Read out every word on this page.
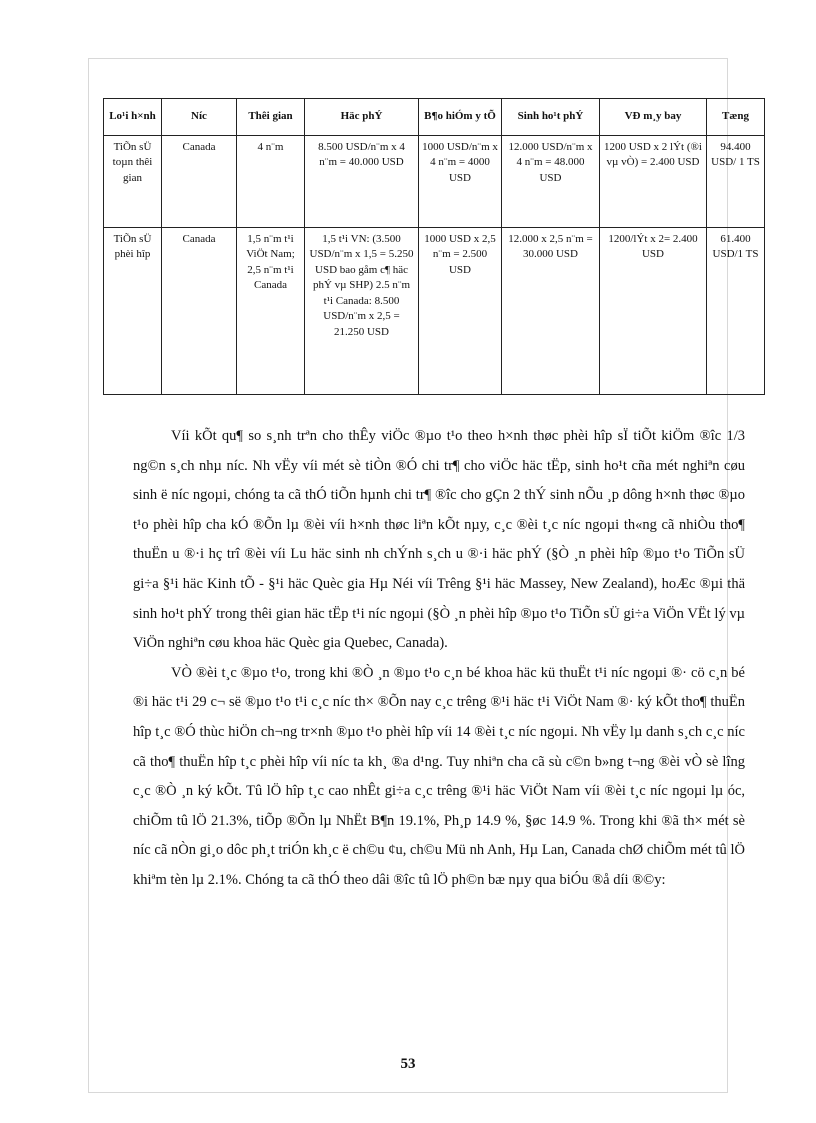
Lo¹i h×nh	Níc	Thêi gian	Häc phÝ	B¶o hiÓm y tÕ	Sinh ho¹t phÝ	VÐ m¸y bay	Tæng
TiÕn sÜ toµn thêi gian	Canada	4 n¨m	8.500 USD/n¨m x 4 n¨m = 40.000 USD	1000 USD/n¨m x 4 n¨m = 4000 USD	12.000 USD/n¨m x 4 n¨m = 48.000 USD	1200 USD x 2 lÝt (®i vµ vÒ) = 2.400 USD	94.400 USD/ 1 TS
TiÕn sÜ phèi hîp	Canada	1,5 n¨m t¹i ViÖt Nam; 2,5 n¨m t¹i Canada	1,5 t¹i VN: (3.500 USD/n¨m x 1,5 = 5.250 USD bao gåm c¶ häc phÝ vµ SHP) 2.5 n¨m t¹i Canada: 8.500 USD/n¨m x 2,5 = 21.250 USD	1000 USD x 2,5 n¨m = 2.500 USD	12.000 x 2,5 n¨m = 30.000 USD	1200/lÝt x 2= 2.400 USD	61.400 USD/1 TS

Víi kÕt qu¶ so s¸nh trªn cho thÊy viÖc ®µo t¹o theo h×nh thøc phèi hîp sÏ tiÕt kiÖm ®îc 1/3 ng©n s¸ch nhµ níc. Nh vËy víi mét sè tiÒn ®Ó chi tr¶ cho viÖc häc tËp, sinh ho¹t cña mét nghiªn cøu sinh ë níc ngoµi, chóng ta cã thÓ tiÕn hµnh chi tr¶ ®îc cho gÇn 2 thÝ sinh nÕu ¸p dông h×nh thøc ®µo t¹o phèi hîp cha kÓ ®Õn lµ ®èi víi h×nh thøc liªn kÕt nµy, c¸c ®èi t¸c níc ngoµi th«ng cã nhiÒu tho¶ thuËn u ®·i hç trî ®èi víi Lu häc sinh nh chÝnh s¸ch u ®·i häc phÝ (§Ò ¸n phèi hîp ®µo t¹o TiÕn sÜ gi÷a §¹i häc Kinh tÕ - §¹i häc Quèc gia Hµ Néi víi Trêng §¹i häc Massey, New Zealand), hoÆc ®µi thä sinh ho¹t phÝ trong thêi gian häc tËp t¹i níc ngoµi (§Ò ¸n phèi hîp ®µo t¹o TiÕn sÜ gi÷a ViÖn VËt lý vµ ViÖn nghiªn cøu khoa häc Quèc gia Quebec, Canada).

VÒ ®èi t¸c ®µo t¹o, trong khi ®Ò ¸n ®µo t¹o c¸n bé khoa häc kü thuËt t¹i níc ngoµi ®· cö c¸n bé ®i häc t¹i 29 c¬ së ®µo t¹o t¹i c¸c níc th× ®Õn nay c¸c trêng ®¹i häc t¹i ViÖt Nam ®· ký kÕt tho¶ thuËn hîp t¸c ®Ó thùc hiÖn ch¬ng tr×nh ®µo t¹o phèi hîp víi 14 ®èi t¸c níc ngoµi. Nh vËy lµ danh s¸ch c¸c níc cã tho¶ thuËn hîp t¸c phèi hîp víi níc ta kh¸ ®a d¹ng. Tuy nhiªn cha cã sù c©n b»ng t¬ng ®èi vÒ sè lîng c¸c ®Ò ¸n ký kÕt. Tû lÖ hîp t¸c cao nhÊt gi÷a c¸c trêng ®¹i häc ViÖt Nam víi ®èi t¸c níc ngoµi lµ óc, chiÕm tû lÖ 21.3%, tiÕp ®Õn lµ NhËt B¶n 19.1%, Ph¸p 14.9 %, §øc 14.9 %. Trong khi ®ã th× mét sè níc cã nÒn gi¸o dôc ph¸t triÓn kh¸c ë ch©u ¢u, ch©u Mü nh Anh, Hµ Lan, Canada chØ chiÕm mét tû lÖ khiªm tèn lµ 2.1%. Chóng ta cã thÓ theo dâi ®îc tû lÖ ph©n bæ nµy qua biÓu ®å díi ®©y:

53
